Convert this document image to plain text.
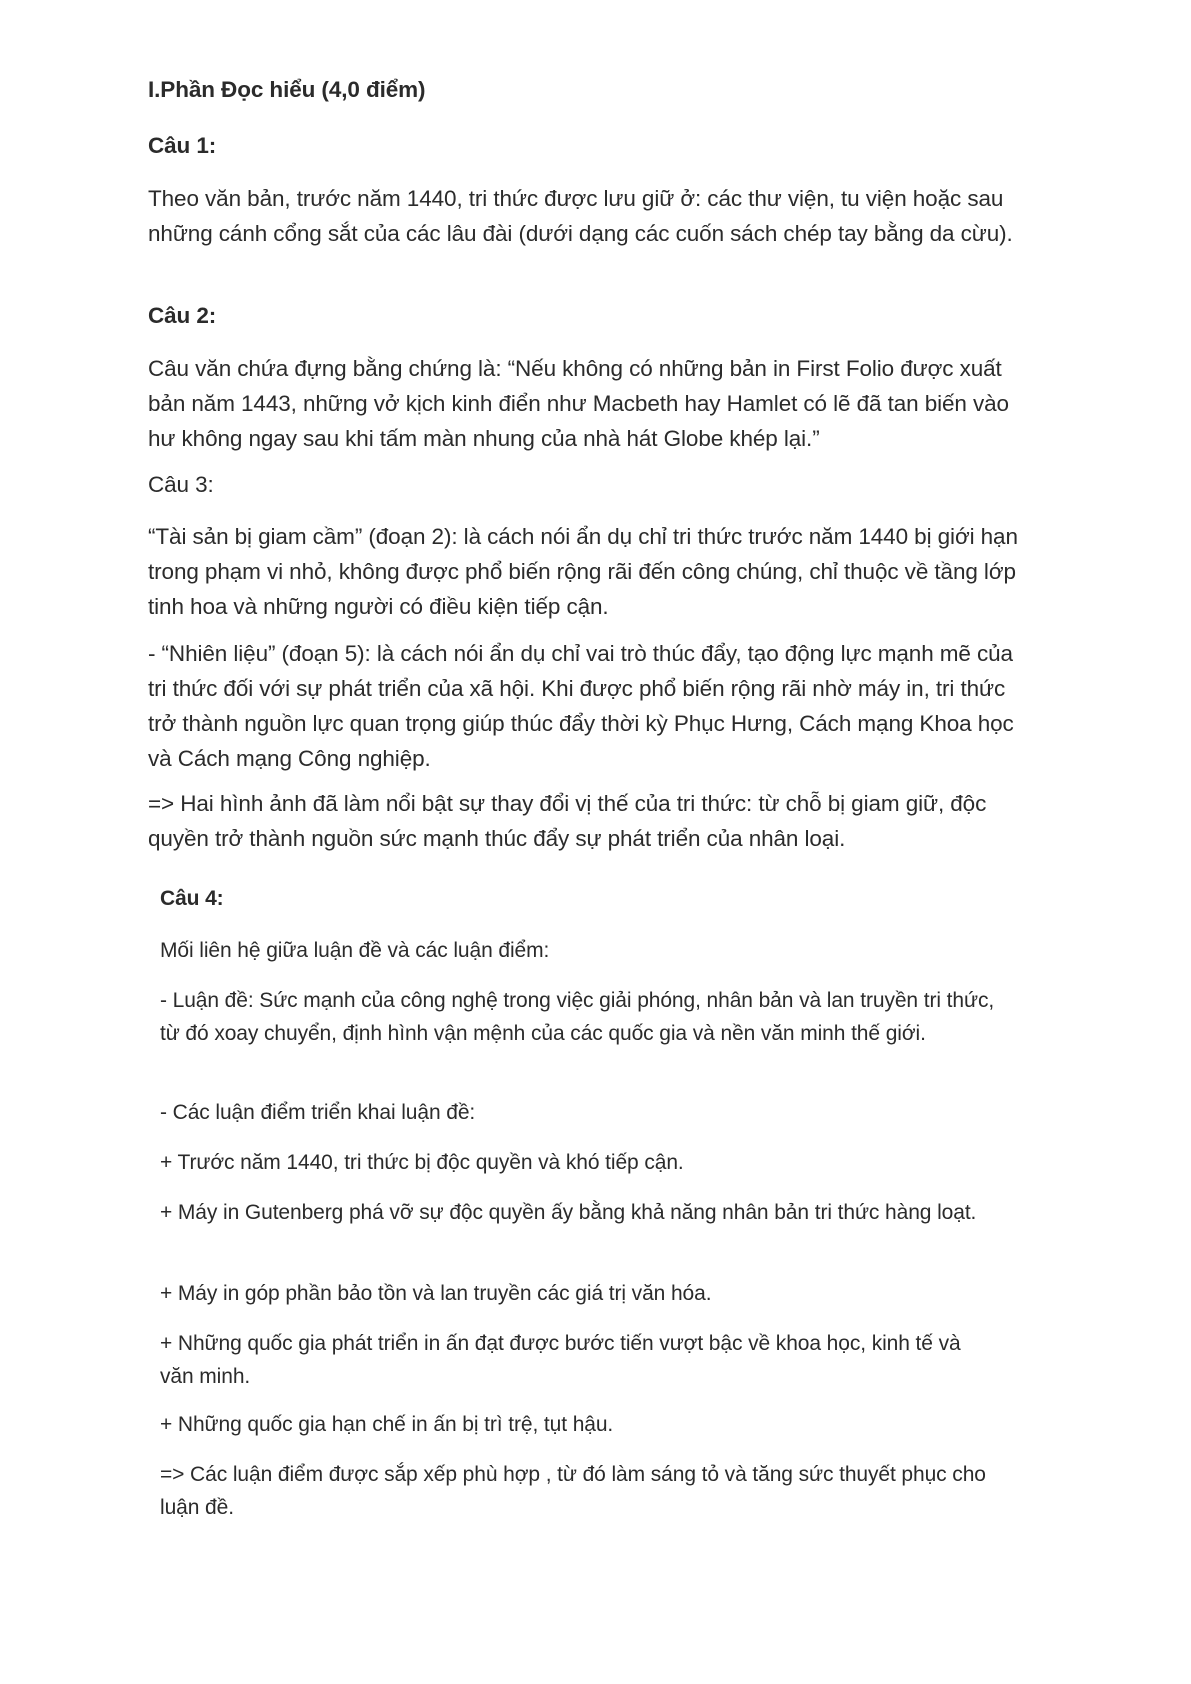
I.Phần Đọc hiểu (4,0 điểm)

Câu 1:

Theo văn bản, trước năm 1440, tri thức được lưu giữ ở: các thư viện, tu viện hoặc sau những cánh cổng sắt của các lâu đài (dưới dạng các cuốn sách chép tay bằng da cừu).

Câu 2:

Câu văn chứa đựng bằng chứng là: “Nếu không có những bản in First Folio được xuất bản năm 1443, những vở kịch kinh điển như Macbeth hay Hamlet có lẽ đã tan biến vào hư không ngay sau khi tấm màn nhung của nhà hát Globe khép lại.”

Câu 3:

“Tài sản bị giam cầm” (đoạn 2): là cách nói ẩn dụ chỉ tri thức trước năm 1440 bị giới hạn trong phạm vi nhỏ, không được phổ biến rộng rãi đến công chúng, chỉ thuộc về tầng lớp tinh hoa và những người có điều kiện tiếp cận.

- “Nhiên liệu” (đoạn 5): là cách nói ẩn dụ chỉ vai trò thúc đẩy, tạo động lực mạnh mẽ của tri thức đối với sự phát triển của xã hội. Khi được phổ biến rộng rãi nhờ máy in, tri thức trở thành nguồn lực quan trọng giúp thúc đẩy thời kỳ Phục Hưng, Cách mạng Khoa học và Cách mạng Công nghiệp.

=> Hai hình ảnh đã làm nổi bật sự thay đổi vị thế của tri thức: từ chỗ bị giam giữ, độc quyền trở thành nguồn sức mạnh thúc đẩy sự phát triển của nhân loại.

Câu 4:

Mối liên hệ giữa luận đề và các luận điểm:

- Luận đề: Sức mạnh của công nghệ trong việc giải phóng, nhân bản và lan truyền tri thức, từ đó xoay chuyển, định hình vận mệnh của các quốc gia và nền văn minh thế giới.

- Các luận điểm triển khai luận đề:

+ Trước năm 1440, tri thức bị độc quyền và khó tiếp cận.

+ Máy in Gutenberg phá vỡ sự độc quyền ấy bằng khả năng nhân bản tri thức hàng loạt.

+ Máy in góp phần bảo tồn và lan truyền các giá trị văn hóa.

+ Những quốc gia phát triển in ấn đạt được bước tiến vượt bậc về khoa học, kinh tế và văn minh.

+ Những quốc gia hạn chế in ấn bị trì trệ, tụt hậu.

=> Các luận điểm được sắp xếp phù hợp , từ đó làm sáng tỏ và tăng sức thuyết phục cho luận đề.
